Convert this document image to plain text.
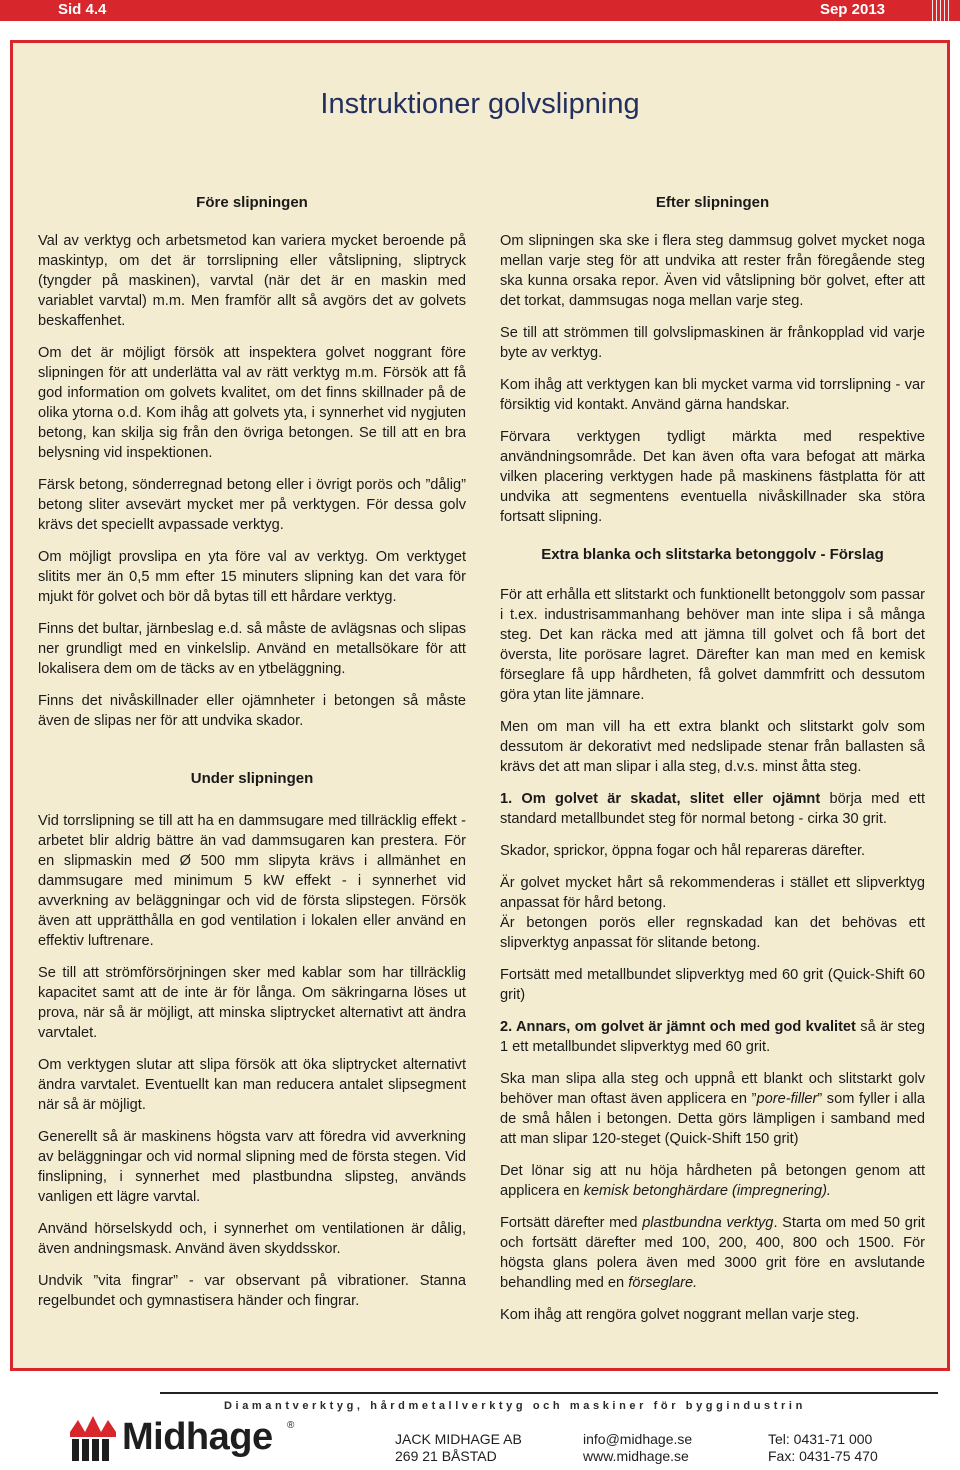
Sid 4.4	Sep 2013
Instruktioner golvslipning
Före slipningen

Val av verktyg och arbetsmetod kan variera mycket beroende på maskintyp, om det är torrslipning eller våtslipning, sliptryck (tyngder på maskinen), varvtal (när det är en maskin med variablet varvtal) m.m. Men framför allt så avgörs det av golvets beskaffenhet.

Om det är möjligt försök att inspektera golvet noggrant före slipningen för att underlätta val av rätt verktyg m.m. Försök att få god information om golvets kvalitet, om det finns skillnader på de olika ytorna o.d. Kom ihåg att golvets yta, i synnerhet vid nygjuten betong, kan skilja sig från den övriga betongen. Se till att en bra belysning vid inspektionen.

Färsk betong, sönderregnad betong eller i övrigt porös och ”dålig” betong sliter avsevärt mycket mer på verktygen. För dessa golv krävs det speciellt avpassade verktyg.

Om möjligt provslipa en yta före val av verktyg. Om verktyget slitits mer än 0,5 mm efter 15 minuters slipning kan det vara för mjukt för golvet och bör då bytas till ett hårdare verktyg.

Finns det bultar, järnbeslag e.d. så måste de avlägsnas och slipas ner grundligt med en vinkelslip. Använd en metallsökare för att lokalisera dem om de täcks av en ytbeläggning.

Finns det nivåskillnader eller ojämnheter i betongen så måste även de slipas ner för att undvika skador.

Under slipningen

Vid torrslipning se till att ha en dammsugare med tillräcklig effekt - arbetet blir aldrig bättre än vad dammsugaren kan prestera. För en slipmaskin med Ø 500 mm slipyta krävs i allmänhet en dammsugare med minimum 5 kW effekt - i synnerhet vid avverkning av beläggningar och vid de första slipstegen. Försök även att upprätthålla en god ventilation i lokalen eller använd en effektiv luftrenare.

Se till att strömförsörjningen sker med kablar som har tillräcklig kapacitet samt att de inte är för långa. Om säkringarna löses ut prova, när så är möjligt, att minska sliptrycket alternativt att ändra varvtalet.

Om verktygen slutar att slipa försök att öka sliptrycket alternativt ändra varvtalet. Eventuellt kan man reducera antalet slipsegment när så är möjligt.

Generellt så är maskinens högsta varv att föredra vid avverkning av beläggningar och vid normal slipning med de första stegen. Vid finslipning, i synnerhet med plastbundna slipsteg, används vanligen ett lägre varvtal.

Använd hörselskydd och, i synnerhet om ventilationen är dålig, även andningsmask. Använd även skyddsskor.

Undvik ”vita fingrar” - var observant på vibrationer. Stanna regelbundet och gymnastisera händer och fingrar.

Efter slipningen

Om slipningen ska ske i flera steg dammsug golvet mycket noga mellan varje steg för att undvika att rester från föregående steg ska kunna orsaka repor. Även vid våtslipning bör golvet, efter att det torkat, dammsugas noga mellan varje steg.

Se till att strömmen till golvslipmaskinen är frånkopplad vid varje byte av verktyg.

Kom ihåg att verktygen kan bli mycket varma vid torrslipning - var försiktig vid kontakt. Använd gärna handskar.

Förvara verktygen tydligt märkta med respektive användningsområde. Det kan även ofta vara befogat att märka vilken placering verktygen hade på maskinens fästplatta för att undvika att segmentens eventuella nivåskillnader ska störa fortsatt slipning.

Extra blanka och slitstarka betonggolv - Förslag

För att erhålla ett slitstarkt och funktionellt betonggolv som passar i t.ex. industrisammanhang behöver man inte slipa i så många steg. Det kan räcka med att jämna till golvet och få bort det översta, lite porösare lagret. Därefter kan man med en kemisk förseglare få upp hårdheten, få golvet dammfritt och dessutom göra ytan lite jämnare.

Men om man vill ha ett extra blankt och slitstarkt golv som dessutom är dekorativt med nedslipade stenar från ballasten så krävs det att man slipar i alla steg, d.v.s. minst åtta steg.

1. Om golvet är skadat, slitet eller ojämnt börja med ett standard metallbundet steg för normal betong - cirka 30 grit.

Skador, sprickor, öppna fogar och hål repareras därefter.

Är golvet mycket hårt så rekommenderas i stället ett slipverktyg anpassat för hård betong.

Är betongen porös eller regnskadad kan det behövas ett slipverktyg anpassat för slitande betong.

Fortsätt med metallbundet slipverktyg med 60 grit (Quick-Shift 60 grit)

2. Annars, om golvet är jämnt och med god kvalitet så är steg 1 ett metallbundet slipverktyg med 60 grit.

Ska man slipa alla steg och uppnå ett blankt och slitstarkt golv behöver man oftast även applicera en ”pore-filler” som fyller i alla de små hålen i betongen. Detta görs lämpligen i samband med att man slipar 120-steget (Quick-Shift 150 grit)

Det lönar sig att nu höja hårdheten på betongen genom att applicera en kemisk betonghärdare (impregnering).

Fortsätt därefter med plastbundna verktyg. Starta om med 50 grit och fortsätt därefter med 100, 200, 400, 800 och 1500. För högsta glans polera även med 3000 grit före en avslutande behandling med en förseglare.

Kom ihåg att rengöra golvet noggrant mellan varje steg.

Diamantverktyg, hårdmetallverktyg och maskiner för byggindustrin
Midhage ®
JACK MIDHAGE AB
269 21 BÅSTAD
info@midhage.se
www.midhage.se
Tel: 0431-71 000
Fax: 0431-75 470
